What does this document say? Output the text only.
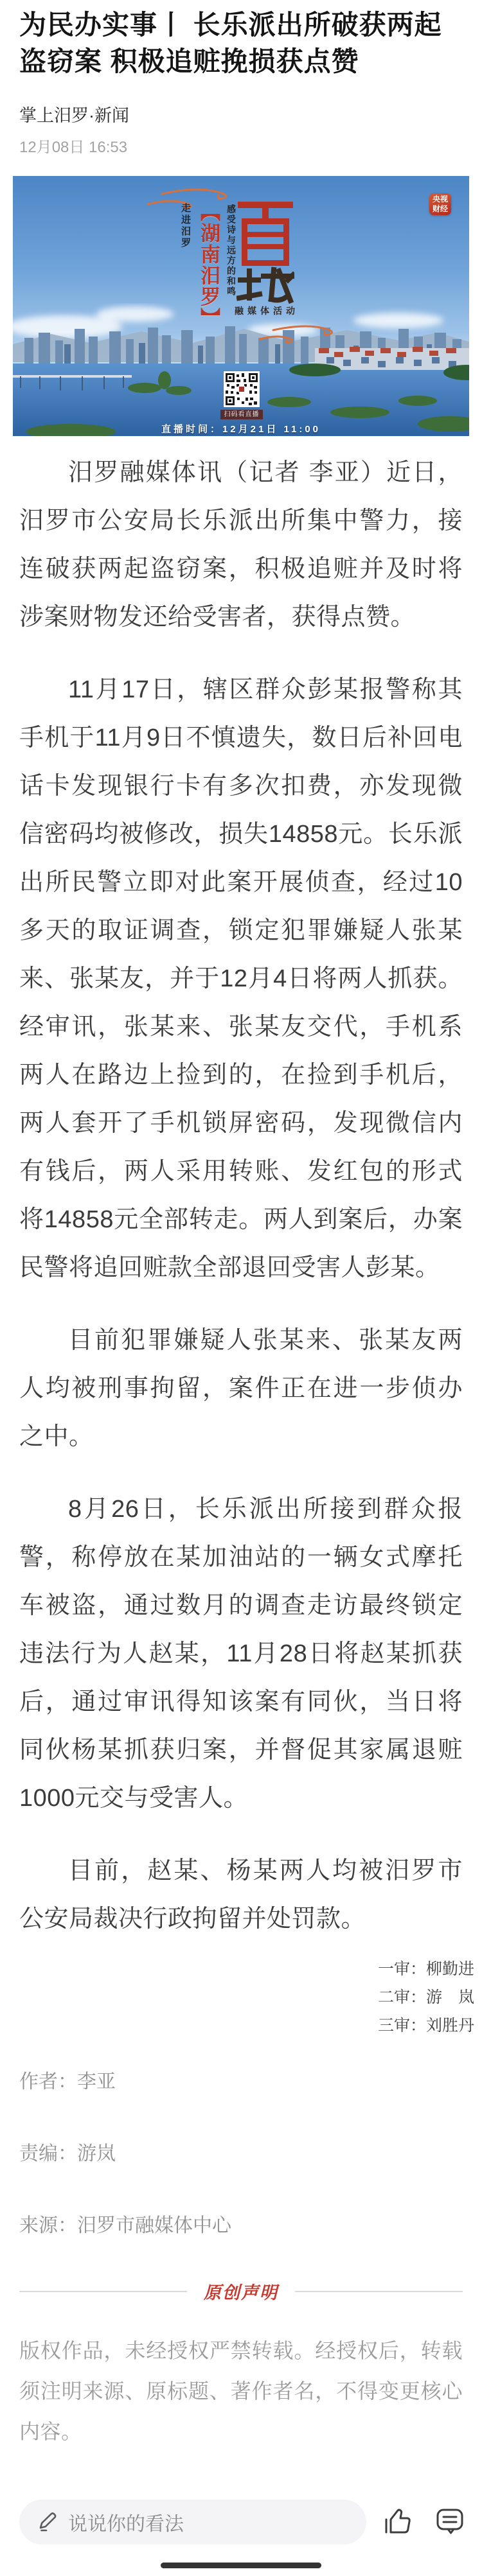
为民办实事丨 长乐派出所破获两起盗窃案 积极追赃挽损获点赞
掌上汨罗·新闻
12月08日 16:53
走进汨罗 【湖南汨罗】 感受诗与远方的和鸣
融媒体活动
央视
财经
扫码看直播
直播时间：12月21日 11:00

汨罗融媒体讯（记者 李亚）近日，汨罗市公安局长乐派出所集中警力，接连破获两起盗窃案，积极追赃并及时将涉案财物发还给受害者，获得点赞。

11月17日，辖区群众彭某报警称其手机于11月9日不慎遗失，数日后补回电话卡发现银行卡有多次扣费，亦发现微信密码均被修改，损失14858元。长乐派出所民警立即对此案开展侦查，经过10多天的取证调查，锁定犯罪嫌疑人张某来、张某友，并于12月4日将两人抓获。经审讯，张某来、张某友交代，手机系两人在路边上捡到的，在捡到手机后，两人套开了手机锁屏密码，发现微信内有钱后，两人采用转账、发红包的形式将14858元全部转走。两人到案后，办案民警将追回赃款全部退回受害人彭某。

目前犯罪嫌疑人张某来、张某友两人均被刑事拘留，案件正在进一步侦办之中。

8月26日，长乐派出所接到群众报警，称停放在某加油站的一辆女式摩托车被盗，通过数月的调查走访最终锁定违法行为人赵某，11月28日将赵某抓获后，通过审讯得知该案有同伙，当日将同伙杨某抓获归案，并督促其家属退赃1000元交与受害人。

目前，赵某、杨某两人均被汨罗市公安局裁决行政拘留并处罚款。

一审：柳勤进
二审：游　岚
三审：刘胜丹
作者：李亚
责编：游岚
来源：汨罗市融媒体中心
原创声明
版权作品，未经授权严禁转载。经授权后，转载须注明来源、原标题、著作者名，不得变更核心内容。
说说你的看法
